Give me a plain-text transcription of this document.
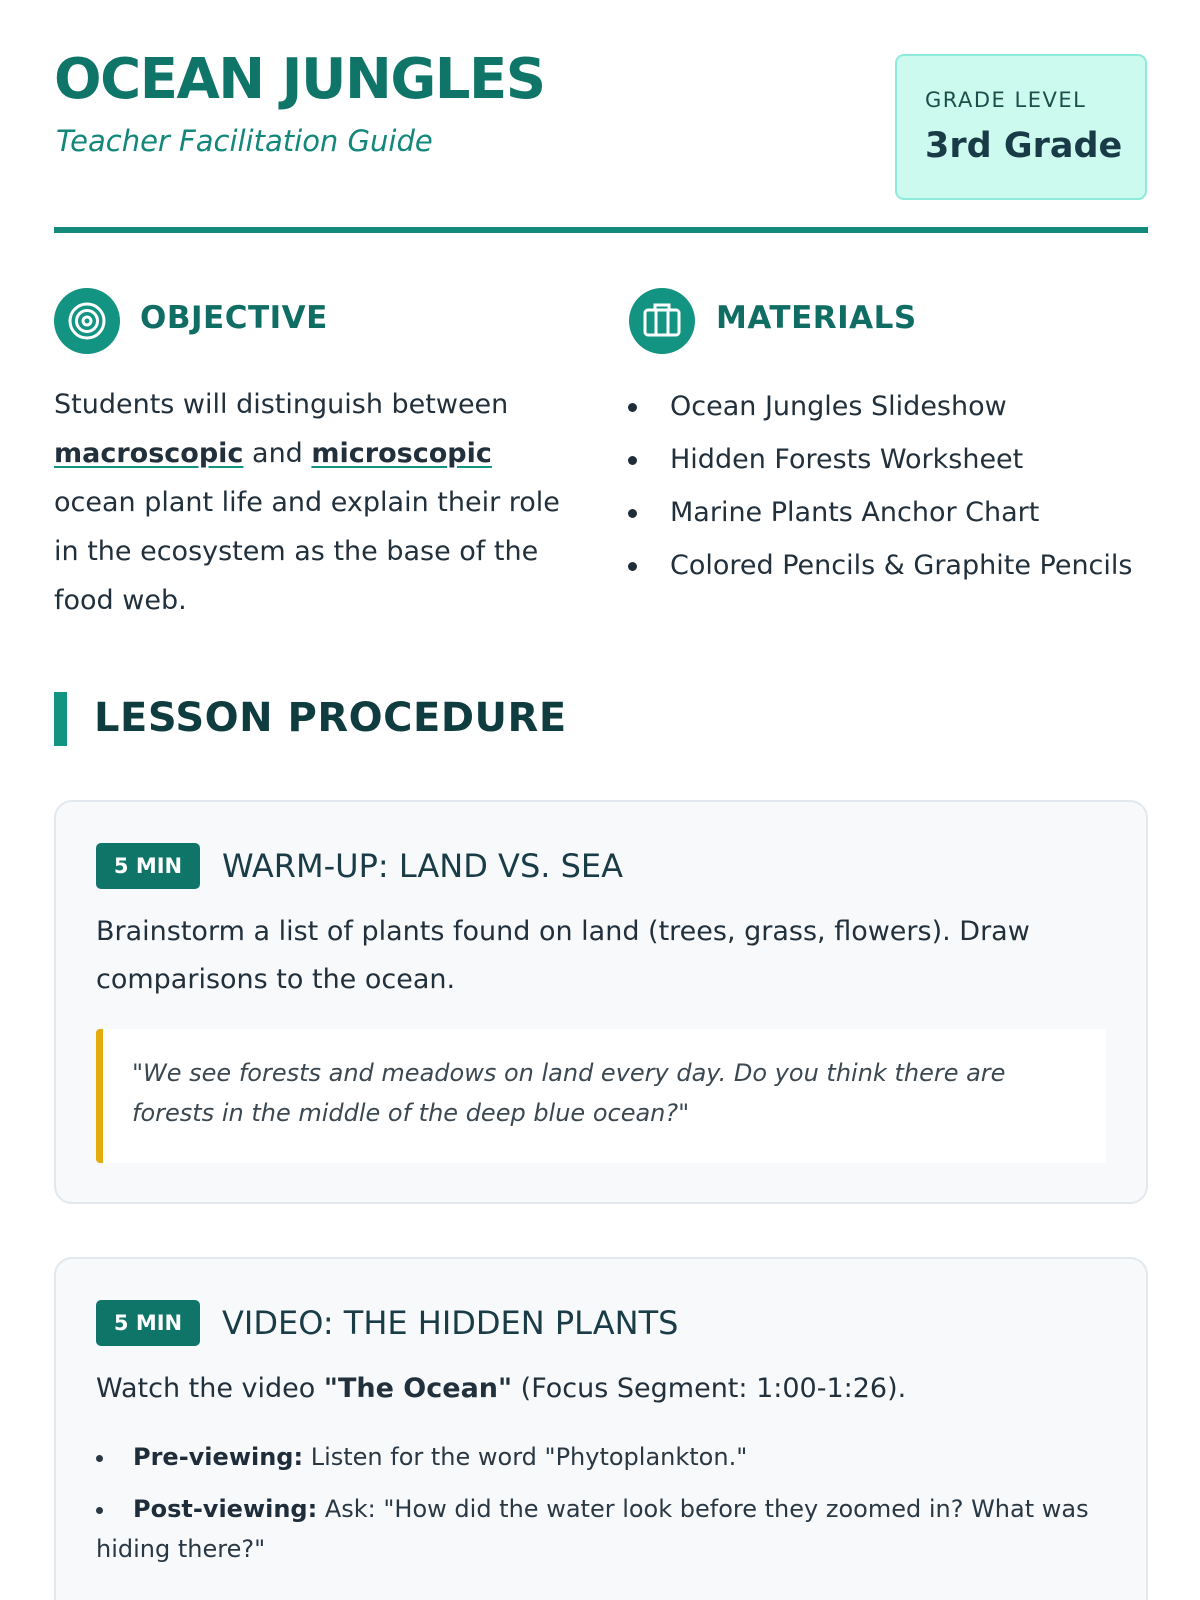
OCEAN JUNGLES
Teacher Facilitation Guide
GRADE LEVEL
3rd Grade
OBJECTIVE
Students will distinguish between macroscopic and microscopic ocean plant life and explain their role in the ecosystem as the base of the food web.
MATERIALS
Ocean Jungles Slideshow
Hidden Forests Worksheet
Marine Plants Anchor Chart
Colored Pencils & Graphite Pencils
LESSON PROCEDURE
5 MIN	WARM-UP: LAND VS. SEA
Brainstorm a list of plants found on land (trees, grass, flowers). Draw comparisons to the ocean.
"We see forests and meadows on land every day. Do you think there are forests in the middle of the deep blue ocean?"
5 MIN	VIDEO: THE HIDDEN PLANTS
Watch the video "The Ocean" (Focus Segment: 1:00-1:26).
Pre-viewing: Listen for the word "Phytoplankton."
Post-viewing: Ask: "How did the water look before they zoomed in? What was hiding there?"
